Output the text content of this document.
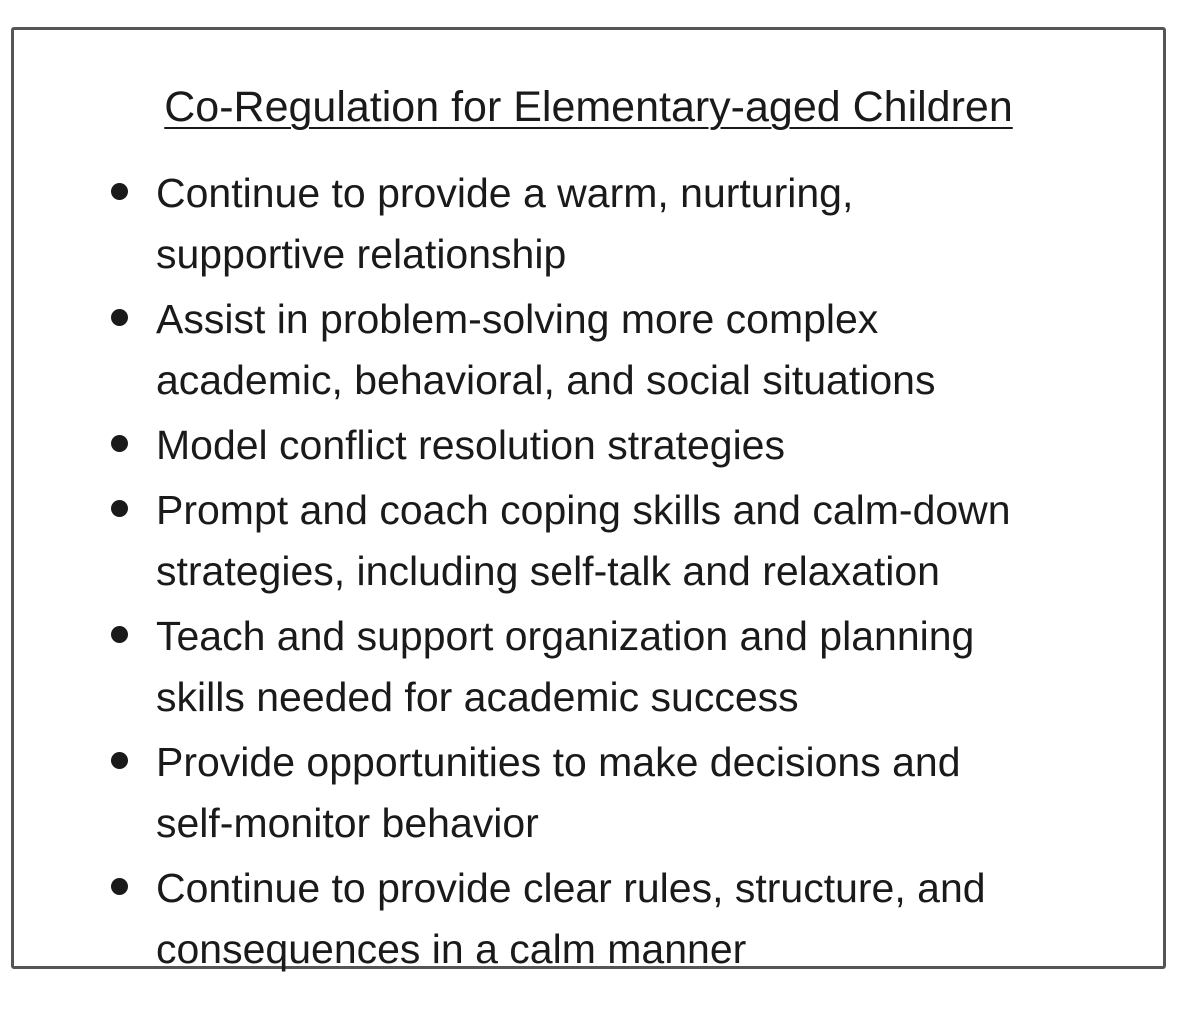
Co-Regulation for Elementary-aged Children
Continue to provide a warm, nurturing,
supportive relationship
Assist in problem-solving more complex
academic, behavioral, and social situations
Model conflict resolution strategies
Prompt and coach coping skills and calm-down
strategies, including self-talk and relaxation
Teach and support organization and planning
skills needed for academic success
Provide opportunities to make decisions and
self-monitor behavior
Continue to provide clear rules, structure, and
consequences in a calm manner
